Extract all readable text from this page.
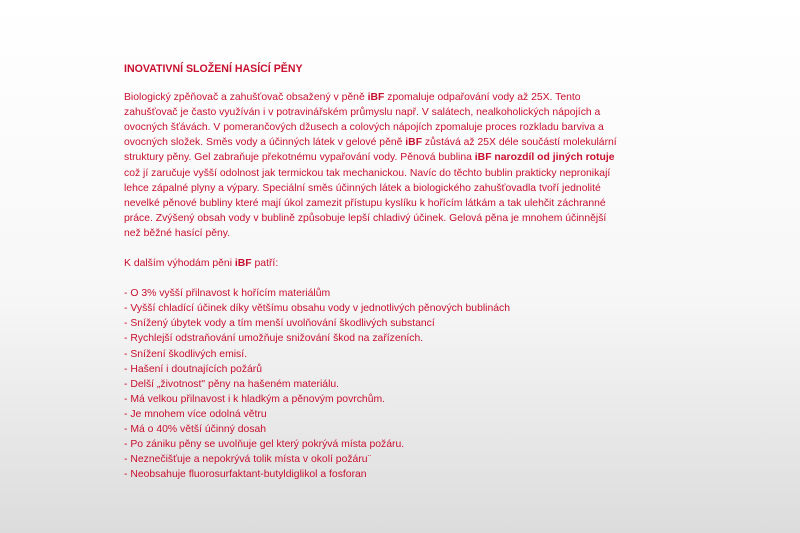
INOVATIVNÍ SLOŽENÍ HASÍCÍ PĚNY

Biologický zpěňovač a zahušťovač obsažený v pěně iBF zpomaluje odpařování vody až 25X. Tento

zahušťovač je často využíván i v potravinářském průmyslu např. V salátech, nealkoholických nápojích a

ovocných šťávách. V pomerančových džusech a colových nápojích zpomaluje proces rozkladu barviva a

ovocných složek. Směs vody a účinných látek v gelové pěně iBF zůstává až 25X déle součástí molekulární

struktury pěny. Gel zabraňuje překotnému vypařování vody. Pěnová bublina iBF narozdíl od jiných rotuje

což jí zaručuje vyšší odolnost jak termickou tak mechanickou. Navíc do těchto bublin prakticky nepronikají

lehce zápalné plyny a výpary. Speciální směs účinných látek a biologického zahušťovadla tvoří jednolité

nevelké pěnové bubliny které mají úkol zamezit přístupu kyslíku k hořícím látkám a tak ulehčit záchranné

práce. Zvýšený obsah vody v bublině způsobuje lepší chladivý účinek. Gelová pěna je mnohem účinnější

než běžné hasící pěny.

K dalším výhodám pěni iBF patří:
- O 3% vyšší přilnavost k hořícím materiálům
- Vyšší chladící účinek díky většímu obsahu vody v jednotlivých pěnových bublinách
- Snížený úbytek vody a tím menší uvolňování škodlivých substancí
- Rychlejší odstraňování umožňuje snižování škod na zařízeních.
- Snížení škodlivých emisí.
- Hašení i doutnajících požárů
- Delší „životnost" pěny na hašeném materiálu.
- Má velkou přilnavost i k hladkým a pěnovým povrchům.
- Je mnohem více odolná větru
- Má o 40% větší účinný dosah
- Po zániku pěny se uvolňuje gel který pokrývá místa požáru.
- Neznečišťuje a nepokrývá tolik místa v okolí požáru¨
- Neobsahuje fluorosurfaktant-butyldiglikol a fosforan
